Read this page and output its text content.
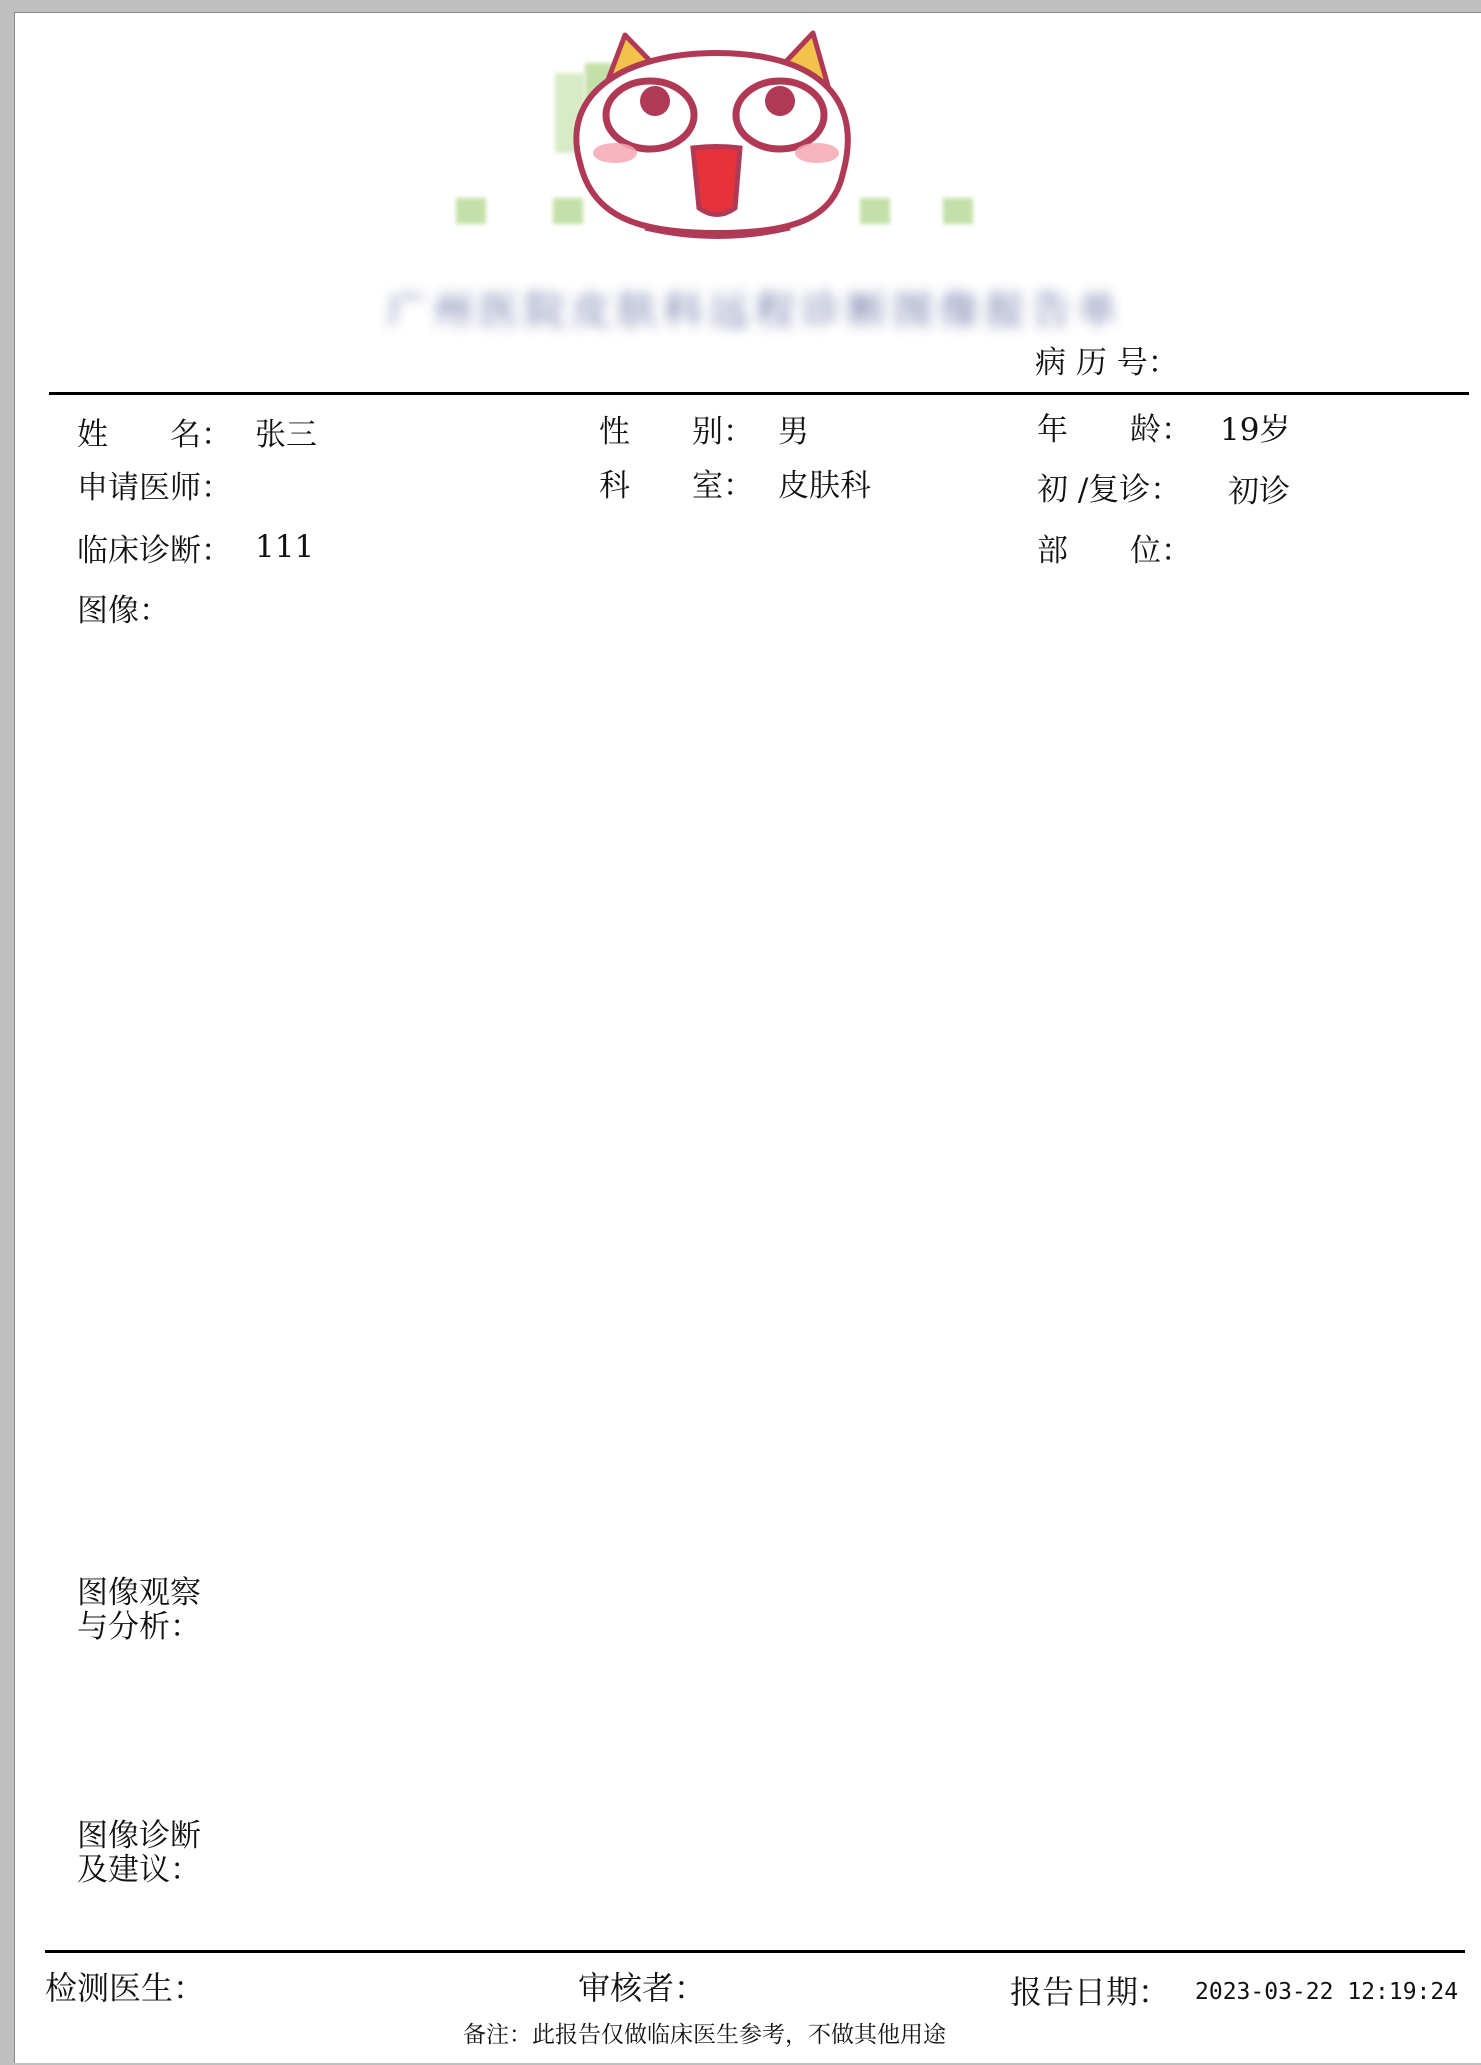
广州医院皮肤科远程诊断图像报告单
病 历 号：
姓　　名： 张三	性　　别： 男	年　　龄： 19岁
申请医师：	科　　室： 皮肤科	初 /复诊： 初诊
临床诊断： 111	部　　位：
图像：
图像观察
与分析：
图像诊断
及建议：
检测医生：	审核者：	报告日期： 2023-03-22 12:19:24
备注：此报告仅做临床医生参考，不做其他用途
